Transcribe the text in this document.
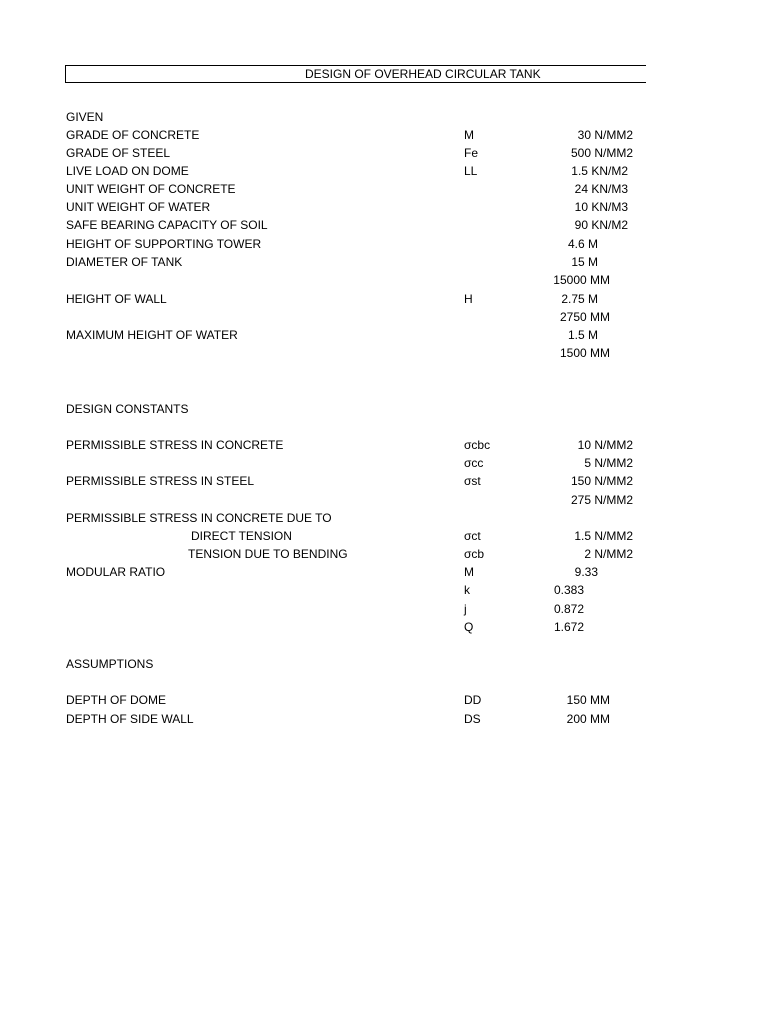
DESIGN OF OVERHEAD CIRCULAR TANK
GIVEN
GRADE OF CONCRETE	M	30 N/MM2
GRADE OF STEEL	Fe	500 N/MM2
LIVE LOAD ON DOME	LL	1.5 KN/M2
UNIT WEIGHT OF CONCRETE	24 KN/M3
UNIT WEIGHT OF WATER	10 KN/M3
SAFE BEARING CAPACITY OF SOIL	90 KN/M2
HEIGHT OF SUPPORTING TOWER	4.6 M
DIAMETER OF TANK	15 M
15000 MM
HEIGHT OF WALL	H	2.75 M
2750 MM
MAXIMUM HEIGHT OF WATER	1.5 M
1500 MM
DESIGN CONSTANTS
PERMISSIBLE STRESS IN CONCRETE	σcbc	10 N/MM2
σcc	5 N/MM2
PERMISSIBLE STRESS IN STEEL	σst	150 N/MM2
275 N/MM2
PERMISSIBLE STRESS IN CONCRETE DUE TO
DIRECT TENSION	σct	1.5 N/MM2
TENSION DUE TO BENDING	σcb	2 N/MM2
MODULAR RATIO	M	9.33
k	0.383
j	0.872
Q	1.672
ASSUMPTIONS
DEPTH OF DOME	DD	150 MM
DEPTH OF SIDE WALL	DS	200 MM
